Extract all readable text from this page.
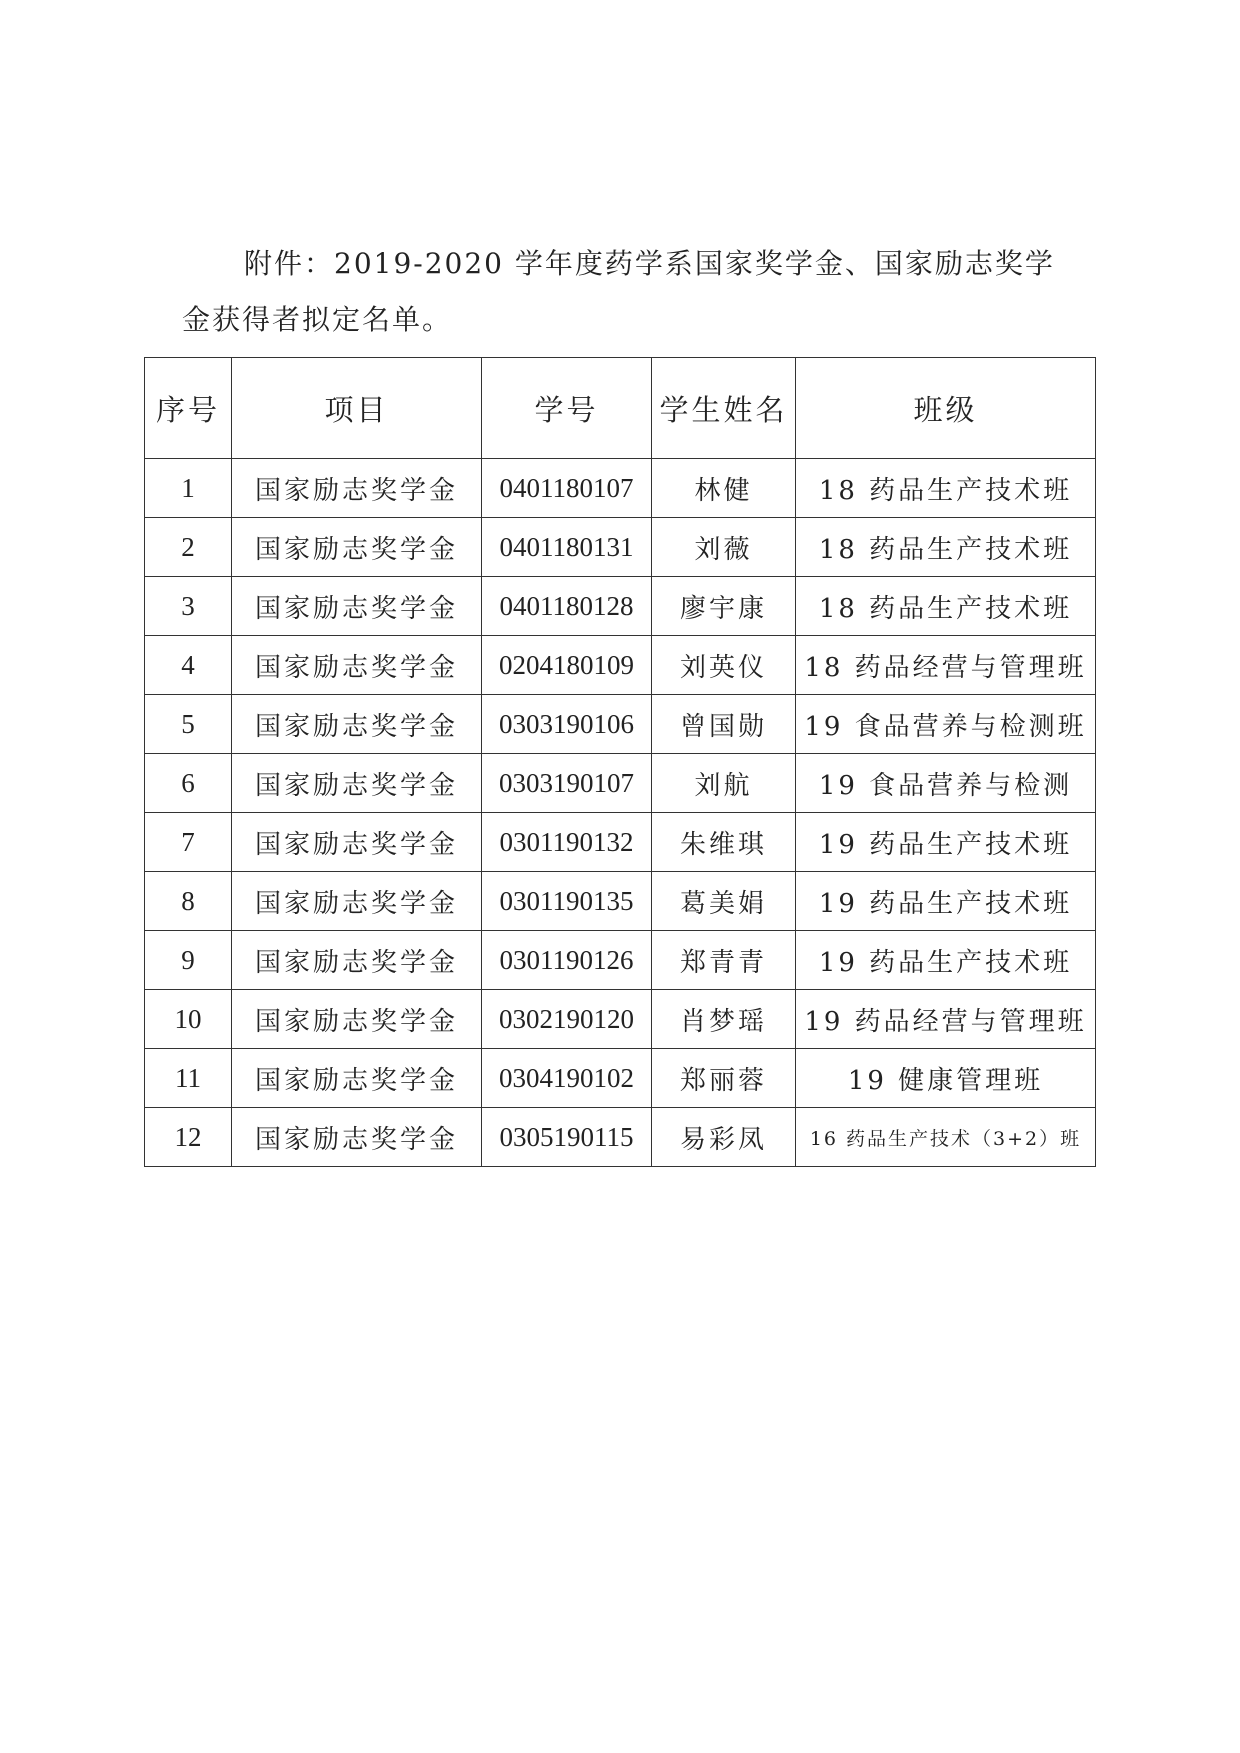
附件：2019-2020 学年度药学系国家奖学金、国家励志奖学金获得者拟定名单。

序号	项目	学号	学生姓名	班级
1	国家励志奖学金	0401180107	林健	18 药品生产技术班
2	国家励志奖学金	0401180131	刘薇	18 药品生产技术班
3	国家励志奖学金	0401180128	廖宇康	18 药品生产技术班
4	国家励志奖学金	0204180109	刘英仪	18 药品经营与管理班
5	国家励志奖学金	0303190106	曾国勋	19 食品营养与检测班
6	国家励志奖学金	0303190107	刘航	19 食品营养与检测
7	国家励志奖学金	0301190132	朱维琪	19 药品生产技术班
8	国家励志奖学金	0301190135	葛美娟	19 药品生产技术班
9	国家励志奖学金	0301190126	郑青青	19 药品生产技术班
10	国家励志奖学金	0302190120	肖梦瑶	19 药品经营与管理班
11	国家励志奖学金	0304190102	郑丽蓉	19 健康管理班
12	国家励志奖学金	0305190115	易彩凤	16 药品生产技术（3+2）班
